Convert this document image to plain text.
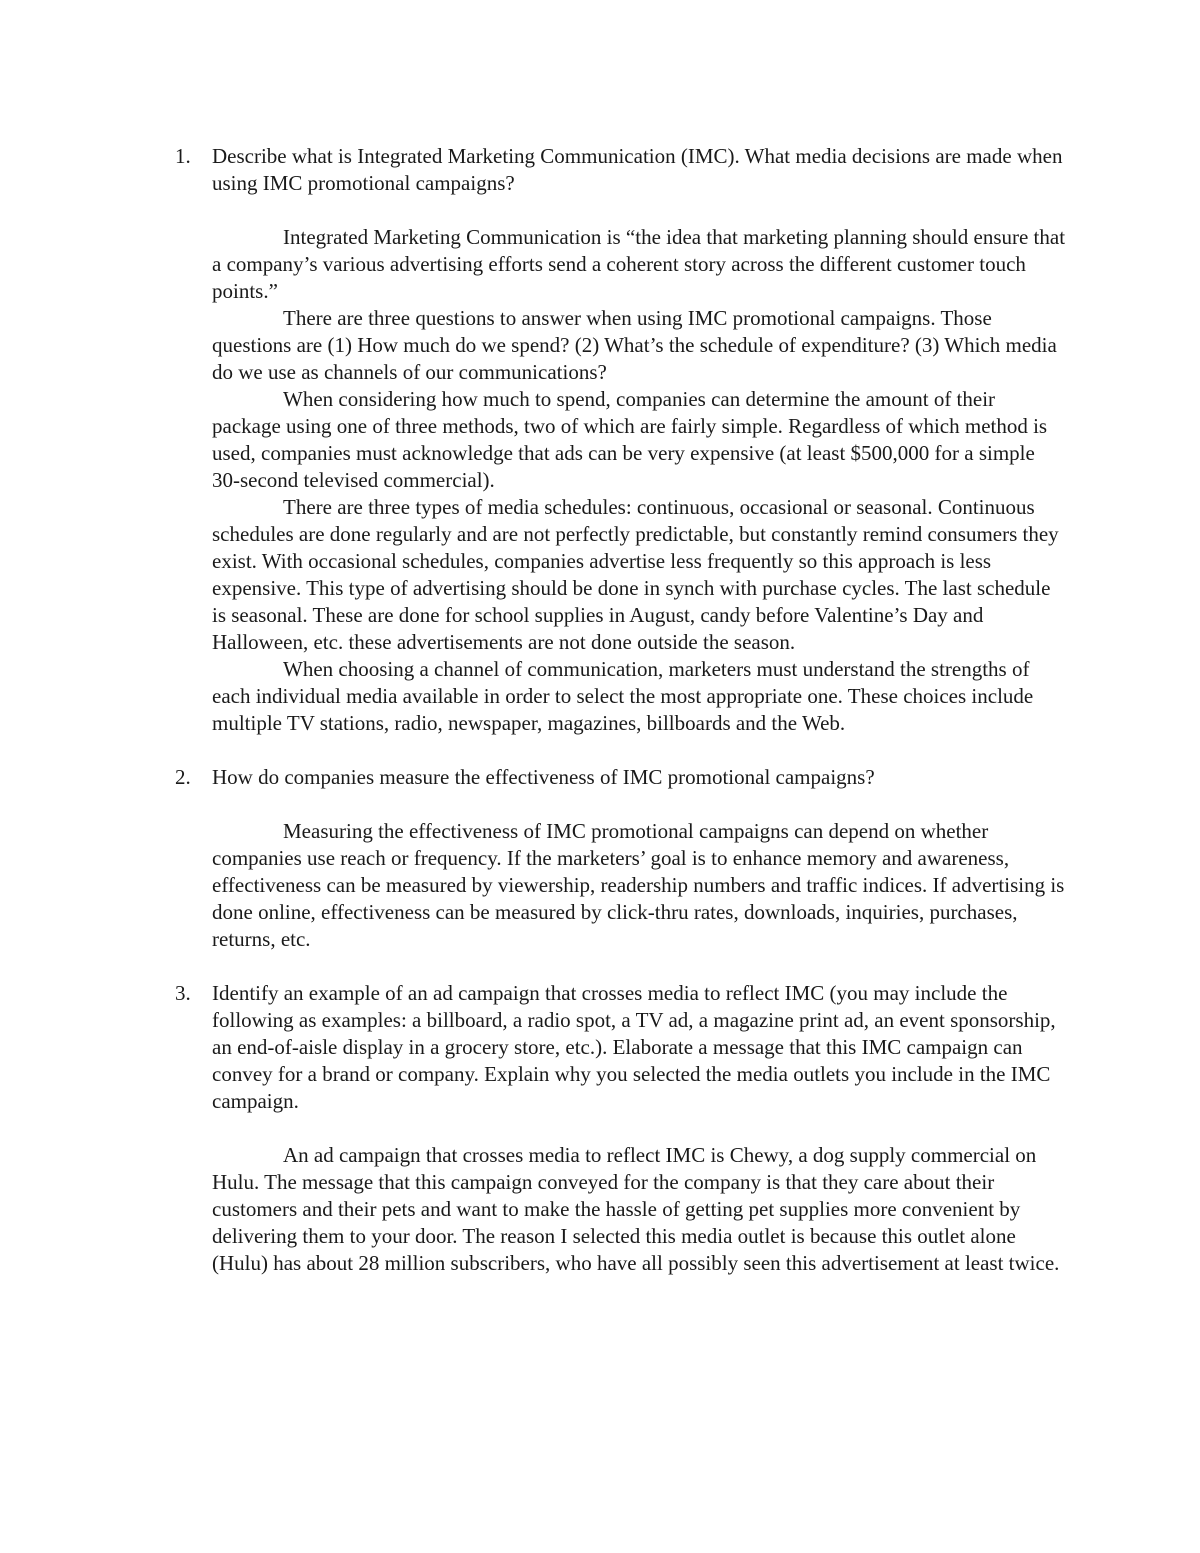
1. Describe what is Integrated Marketing Communication (IMC). What media decisions are made when using IMC promotional campaigns?

Integrated Marketing Communication is “the idea that marketing planning should ensure that a company’s various advertising efforts send a coherent story across the different customer touch points.”

There are three questions to answer when using IMC promotional campaigns. Those questions are (1) How much do we spend? (2) What’s the schedule of expenditure? (3) Which media do we use as channels of our communications?

When considering how much to spend, companies can determine the amount of their package using one of three methods, two of which are fairly simple. Regardless of which method is used, companies must acknowledge that ads can be very expensive (at least $500,000 for a simple 30-second televised commercial).

There are three types of media schedules: continuous, occasional or seasonal. Continuous schedules are done regularly and are not perfectly predictable, but constantly remind consumers they exist. With occasional schedules, companies advertise less frequently so this approach is less expensive. This type of advertising should be done in synch with purchase cycles. The last schedule is seasonal. These are done for school supplies in August, candy before Valentine’s Day and Halloween, etc. these advertisements are not done outside the season.

When choosing a channel of communication, marketers must understand the strengths of each individual media available in order to select the most appropriate one. These choices include multiple TV stations, radio, newspaper, magazines, billboards and the Web.

2. How do companies measure the effectiveness of IMC promotional campaigns?

Measuring the effectiveness of IMC promotional campaigns can depend on whether companies use reach or frequency. If the marketers’ goal is to enhance memory and awareness, effectiveness can be measured by viewership, readership numbers and traffic indices. If advertising is done online, effectiveness can be measured by click-thru rates, downloads, inquiries, purchases, returns, etc.

3. Identify an example of an ad campaign that crosses media to reflect IMC (you may include the following as examples: a billboard, a radio spot, a TV ad, a magazine print ad, an event sponsorship, an end-of-aisle display in a grocery store, etc.). Elaborate a message that this IMC campaign can convey for a brand or company. Explain why you selected the media outlets you include in the IMC campaign.

An ad campaign that crosses media to reflect IMC is Chewy, a dog supply commercial on Hulu. The message that this campaign conveyed for the company is that they care about their customers and their pets and want to make the hassle of getting pet supplies more convenient by delivering them to your door. The reason I selected this media outlet is because this outlet alone (Hulu) has about 28 million subscribers, who have all possibly seen this advertisement at least twice.
